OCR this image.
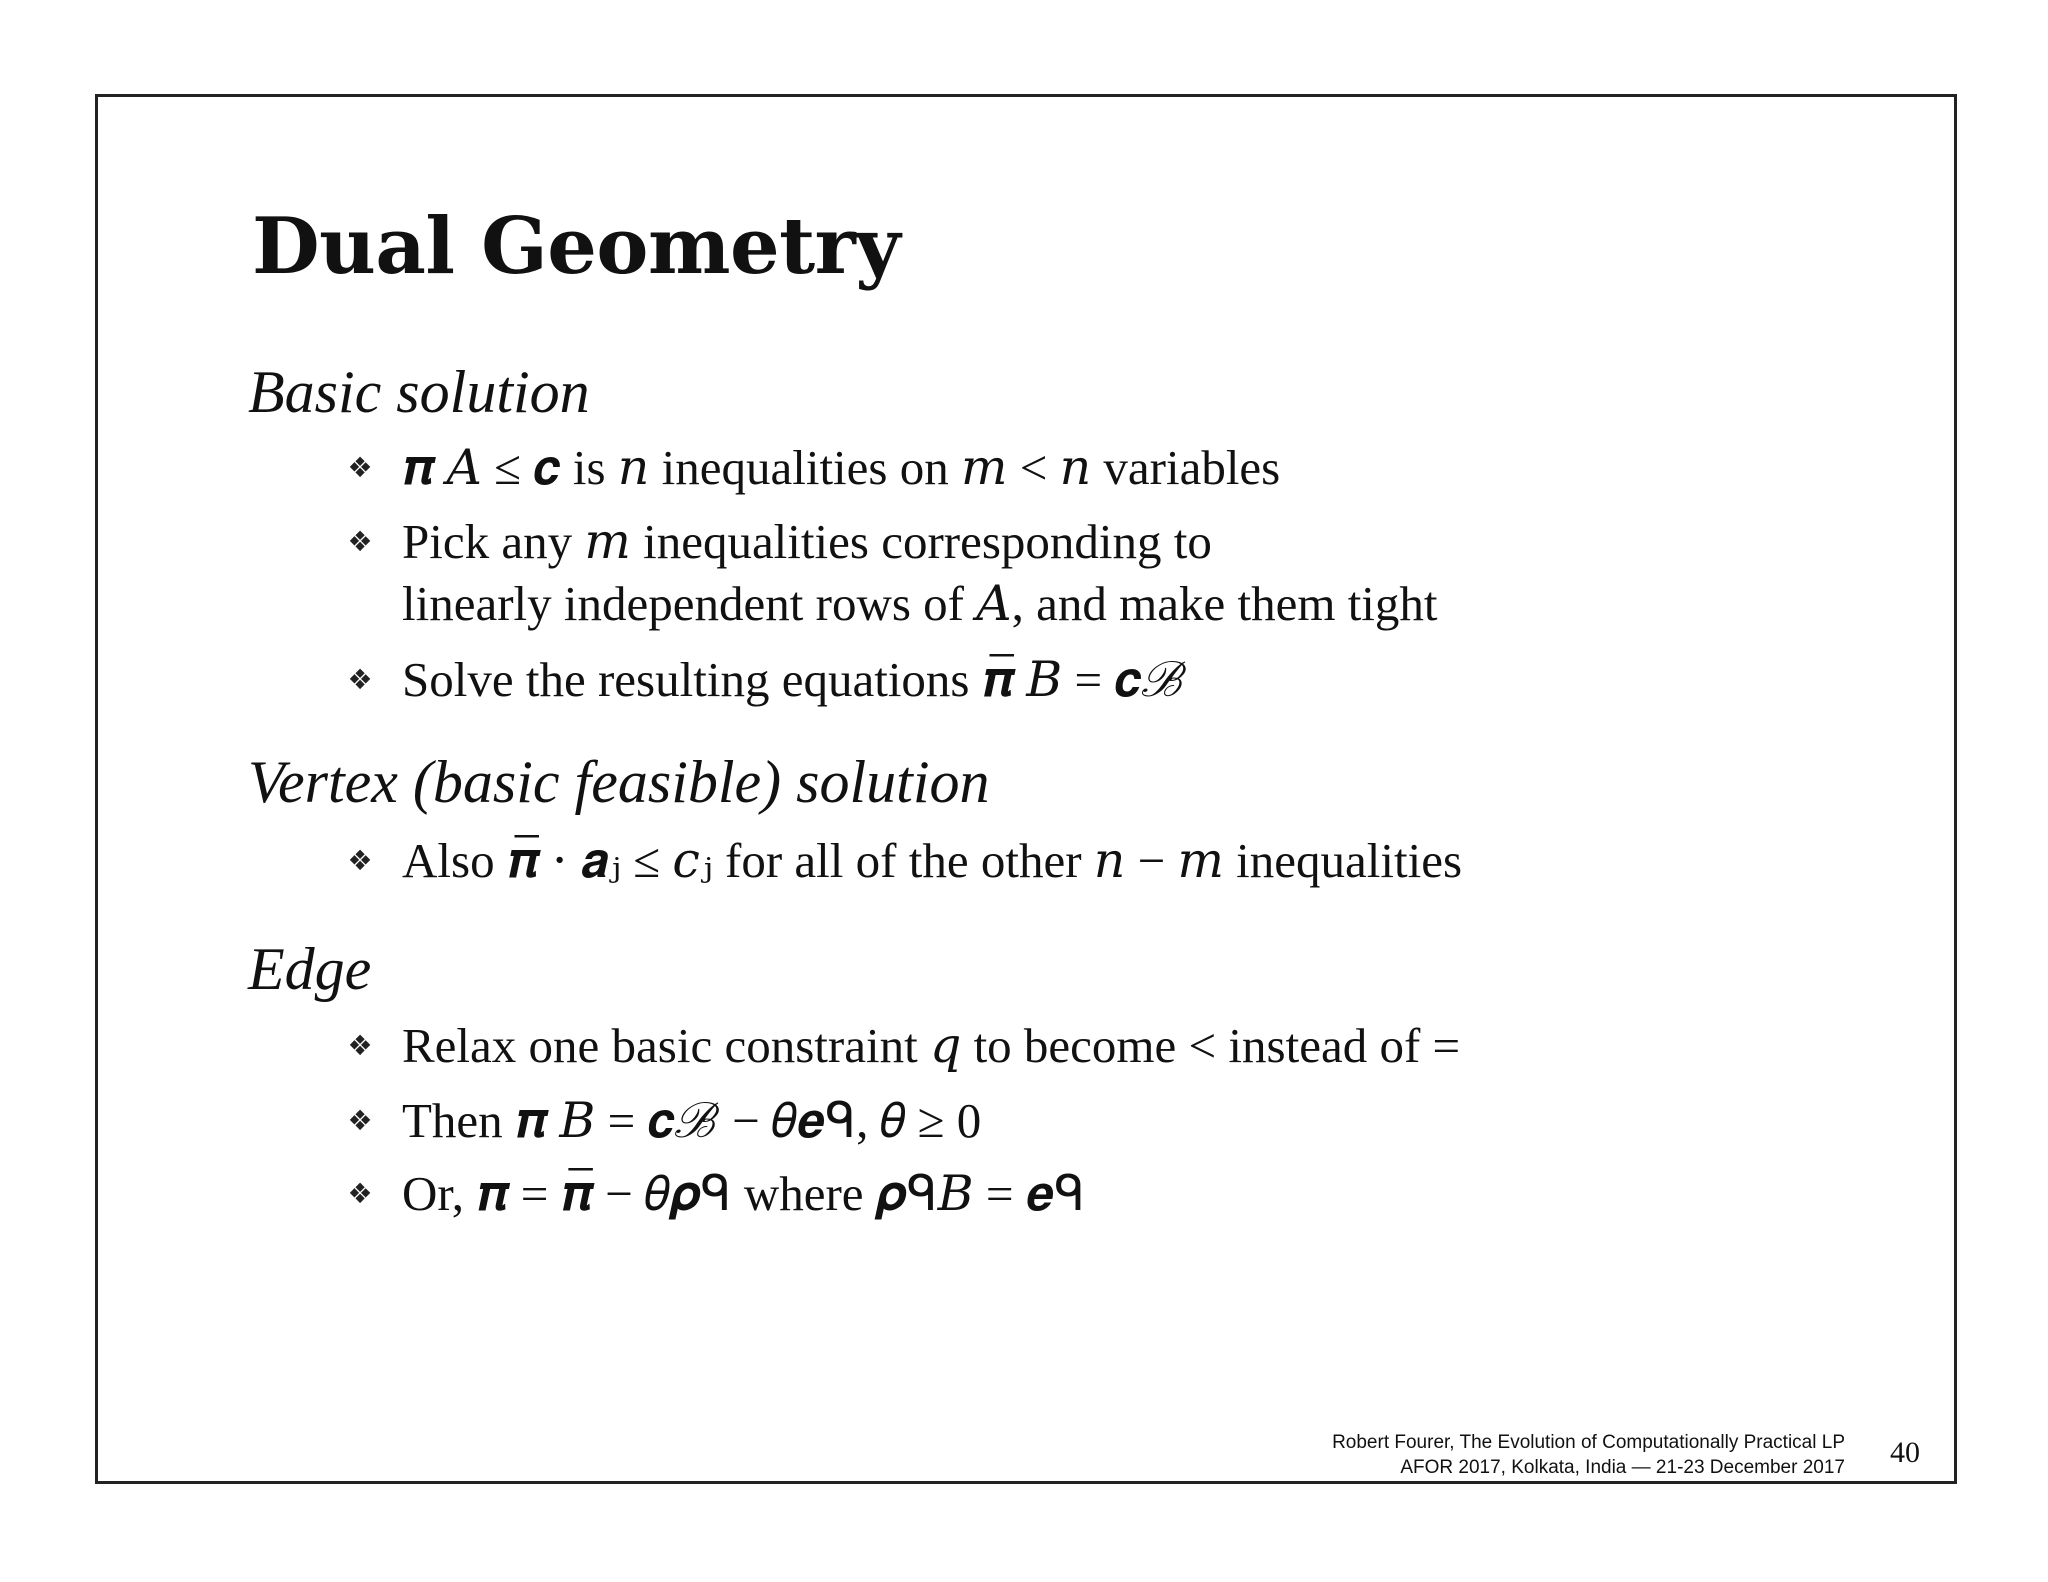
Dual Geometry
Basic solution
❖ 𝝅 𝐴 ≤ 𝒄 is 𝑛 inequalities on 𝑚 < 𝑛 variables
❖ Pick any 𝑚 inequalities corresponding to
linearly independent rows of 𝐴, and make them tight
❖ Solve the resulting equations 𝝅̅ 𝐵 = 𝒄ℬ
Vertex (basic feasible) solution
❖ Also 𝝅̅ ⋅ 𝒂ⱼ ≤ 𝑐ⱼ for all of the other 𝑛 − 𝑚 inequalities
Edge
❖ Relax one basic constraint 𝑞 to become < instead of =
❖ Then 𝝅 𝐵 = 𝒄ℬ − 𝜃𝒆ᑫ, 𝜃 ≥ 0
❖ Or, 𝝅 = 𝝅̅ − 𝜃𝝆ᑫ where 𝝆ᑫ𝐵 = 𝒆ᑫ
Robert Fourer, The Evolution of Computationally Practical LP
AFOR 2017, Kolkata, India — 21-23 December 2017 40
